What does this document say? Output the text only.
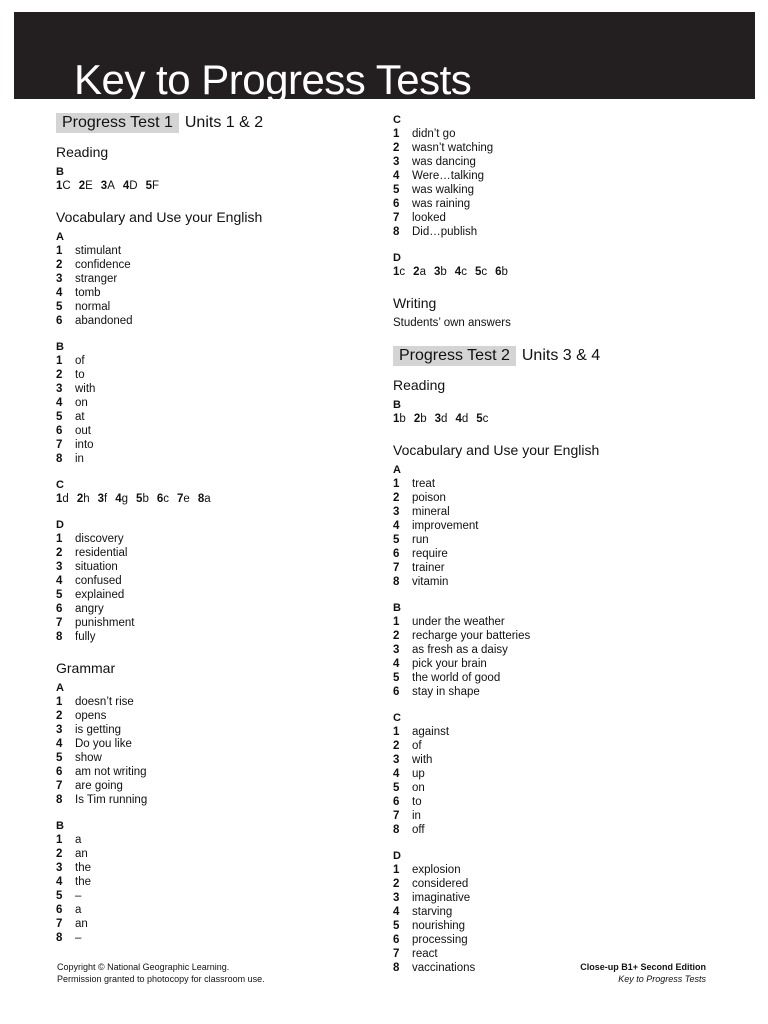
Key to Progress Tests
Progress Test 1 Units 1 & 2
Reading
B
1C 2E 3A 4D 5F
Vocabulary and Use your English
A
1	stimulant
2	confidence
3	stranger
4	tomb
5	normal
6	abandoned
B
1	of
2	to
3	with
4	on
5	at
6	out
7	into
8	in
C
1d 2h 3f 4g 5b 6c 7e 8a
D
1	discovery
2	residential
3	situation
4	confused
5	explained
6	angry
7	punishment
8	fully
Grammar
A
1	doesn’t rise
2	opens
3	is getting
4	Do you like
5	show
6	am not writing
7	are going
8	Is Tim running
B
1	a
2	an
3	the
4	the
5	–
6	a
7	an
8	–
C
1	didn’t go
2	wasn’t watching
3	was dancing
4	Were…talking
5	was walking
6	was raining
7	looked
8	Did…publish
D
1c 2a 3b 4c 5c 6b
Writing
Students’ own answers
Progress Test 2 Units 3 & 4
Reading
B
1b 2b 3d 4d 5c
Vocabulary and Use your English
A
1	treat
2	poison
3	mineral
4	improvement
5	run
6	require
7	trainer
8	vitamin
B
1	under the weather
2	recharge your batteries
3	as fresh as a daisy
4	pick your brain
5	the world of good
6	stay in shape
C
1	against
2	of
3	with
4	up
5	on
6	to
7	in
8	off
D
1	explosion
2	considered
3	imaginative
4	starving
5	nourishing
6	processing
7	react
8	vaccinations
Copyright © National Geographic Learning.
Permission granted to photocopy for classroom use.
Close-up B1+ Second Edition
Key to Progress Tests
